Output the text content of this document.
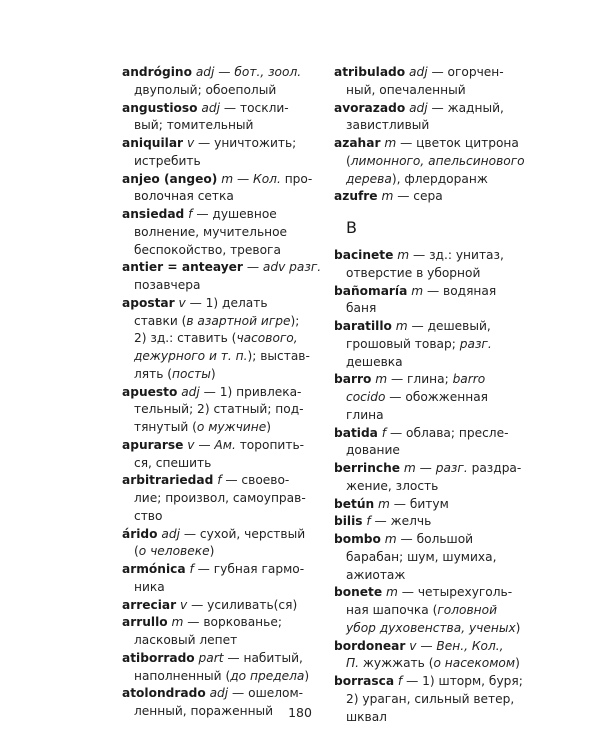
andrógino adj — бот., зоол.
двуполый; обоеполый
angustioso adj — тоскли-
вый; томительный
aniquilar v — уничтожить;
истребить
anjeo (angeo) m — Кол. про-
волочная сетка
ansiedad f — душевное
волнение, мучительное
беспокойство, тревога
antier = anteayer — adv разг.
позавчера
apostar v — 1) делать
ставки (в азартной игре);
2) зд.: ставить (часового,
дежурного и т. п.); выстав-
лять (посты)
apuesto adj — 1) привлека-
тельный; 2) статный; под-
тянутый (о мужчине)
apurarse v — Ам. торопить-
ся, спешить
arbitrariedad f — своево-
лие; произвол, самоуправ-
ство
árido adj — сухой, черствый
(о человеке)
armónica f — губная гармо-
ника
arreciar v — усиливать(ся)
arrullo m — воркованье;
ласковый лепет
atiborrado part — набитый,
наполненный (до предела)
atolondrado adj — ошелом-
ленный, пораженный
atribulado adj — огорчен-
ный, опечаленный
avorazado adj — жадный,
завистливый
azahar m — цветок цитрона
(лимонного, апельсинового
дерева), флердоранж
azufre m — сера
B
bacinete m — зд.: унитаз,
отверстие в уборной
bañomaría m — водяная
баня
baratillo m — дешевый,
грошовый товар; разг.
дешевка
barro m — глина; barro
cocido — обожженная
глина
batida f — облава; пресле-
дование
berrinche m — разг. раздра-
жение, злость
betún m — битум
bilis f — желчь
bombo m — большой
барабан; шум, шумиха,
ажиотаж
bonete m — четырехуголь-
ная шапочка (головной
убор духовенства, ученых)
bordonear v — Вен., Кол.,
П. жужжать (о насекомом)
borrasca f — 1) шторм, буря;
2) ураган, сильный ветер,
шквал
180
